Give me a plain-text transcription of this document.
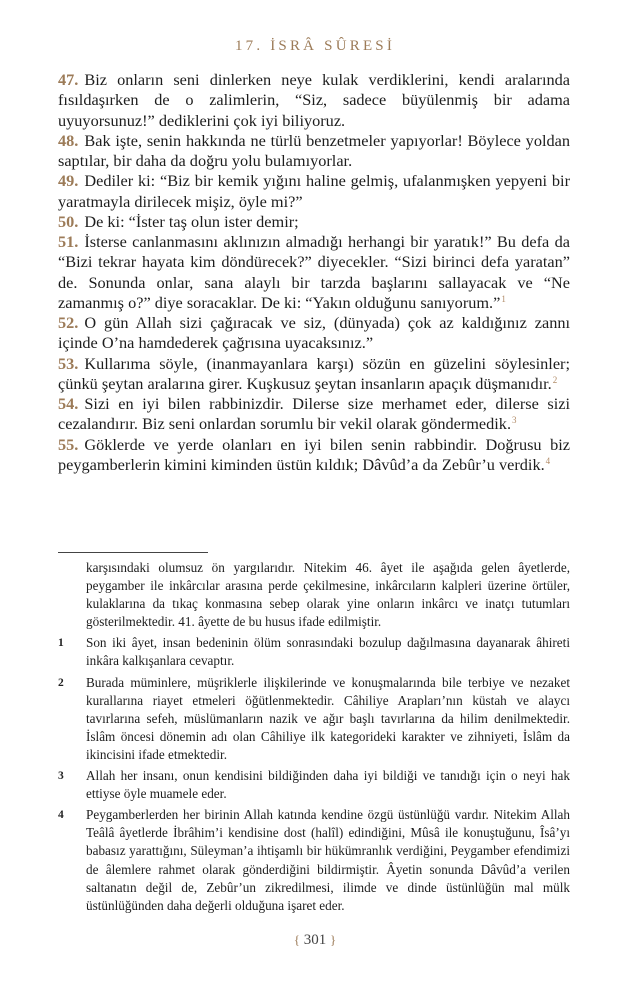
17. İSRÂ SÛRESİ

47. Biz onların seni dinlerken neye kulak verdiklerini, kendi aralarında fısıldaşırken de o zalimlerin, “Siz, sadece büyülenmiş bir adama uyuyorsunuz!” dediklerini çok iyi biliyoruz.

48. Bak işte, senin hakkında ne türlü benzetmeler yapıyorlar! Böylece yoldan saptılar, bir daha da doğru yolu bulamıyorlar.

49. Dediler ki: “Biz bir kemik yığını haline gelmiş, ufalanmışken yepyeni bir yaratmayla dirilecek mişiz, öyle mi?”

50. De ki: “İster taş olun ister demir;

51. İsterse canlanmasını aklınızın almadığı herhangi bir yaratık!” Bu defa da “Bizi tekrar hayata kim döndürecek?” diyecekler. “Sizi birinci defa yaratan” de. Sonunda onlar, sana alaylı bir tarzda başlarını sallayacak ve “Ne zamanmış o?” diye soracaklar. De ki: “Yakın olduğunu sanıyorum.”$^1$

52. O gün Allah sizi çağıracak ve siz, (dünyada) çok az kaldığınız zannı içinde O’na hamdederek çağrısına uyacaksınız.”

53. Kullarıma söyle, (inanmayanlara karşı) sözün en güzelini söylesinler; çünkü şeytan aralarına girer. Kuşkusuz şeytan insanların apaçık düşmanıdır.$^2$

54. Sizi en iyi bilen rabbinizdir. Dilerse size merhamet eder, dilerse sizi cezalandırır. Biz seni onlardan sorumlu bir vekil olarak göndermedik.$^3$

55. Göklerde ve yerde olanları en iyi bilen senin rabbindir. Doğrusu biz peygamberlerin kimini kiminden üstün kıldık; Dâvûd’a da Zebûr’u verdik.$^4$

karşısındaki olumsuz ön yargılarıdır. Nitekim 46. âyet ile aşağıda gelen âyetlerde, peygamber ile inkârcılar arasına perde çekilmesine, inkârcıların kalpleri üzerine örtüler, kulaklarına da tıkaç konmasına sebep olarak yine onların inkârcı ve inatçı tutumları gösterilmektedir. 41. âyette de bu husus ifade edilmiştir.
1	Son iki âyet, insan bedeninin ölüm sonrasındaki bozulup dağılmasına dayanarak âhireti inkâra kalkışanlara cevaptır.
2	Burada müminlere, müşriklerle ilişkilerinde ve konuşmalarında bile terbiye ve nezaket kurallarına riayet etmeleri öğütlenmektedir. Câhiliye Arapları’nın küstah ve alaycı tavırlarına sefeh, müslümanların nazik ve ağır başlı tavırlarına da hilim denilmektedir. İslâm öncesi dönemin adı olan Câhiliye ilk kategorideki karakter ve zihniyeti, İslâm da ikincisini ifade etmektedir.
3	Allah her insanı, onun kendisini bildiğinden daha iyi bildiği ve tanıdığı için o neyi hak ettiyse öyle muamele eder.
4	Peygamberlerden her birinin Allah katında kendine özgü üstünlüğü vardır. Nitekim Allah Teâlâ âyetlerde İbrâhim’i kendisine dost (halîl) edindiğini, Mûsâ ile konuştuğunu, Îsâ’yı babasız yarattığını, Süleyman’a ihtişamlı bir hükümranlık verdiğini, Peygamber efendimizi de âlemlere rahmet olarak gönderdiğini bildirmiştir. Âyetin sonunda Dâvûd’a verilen saltanatın değil de, Zebûr’un zikredilmesi, ilimde ve dinde üstünlüğün mal mülk üstünlüğünden daha değerli olduğuna işaret eder.
{ 301 }
